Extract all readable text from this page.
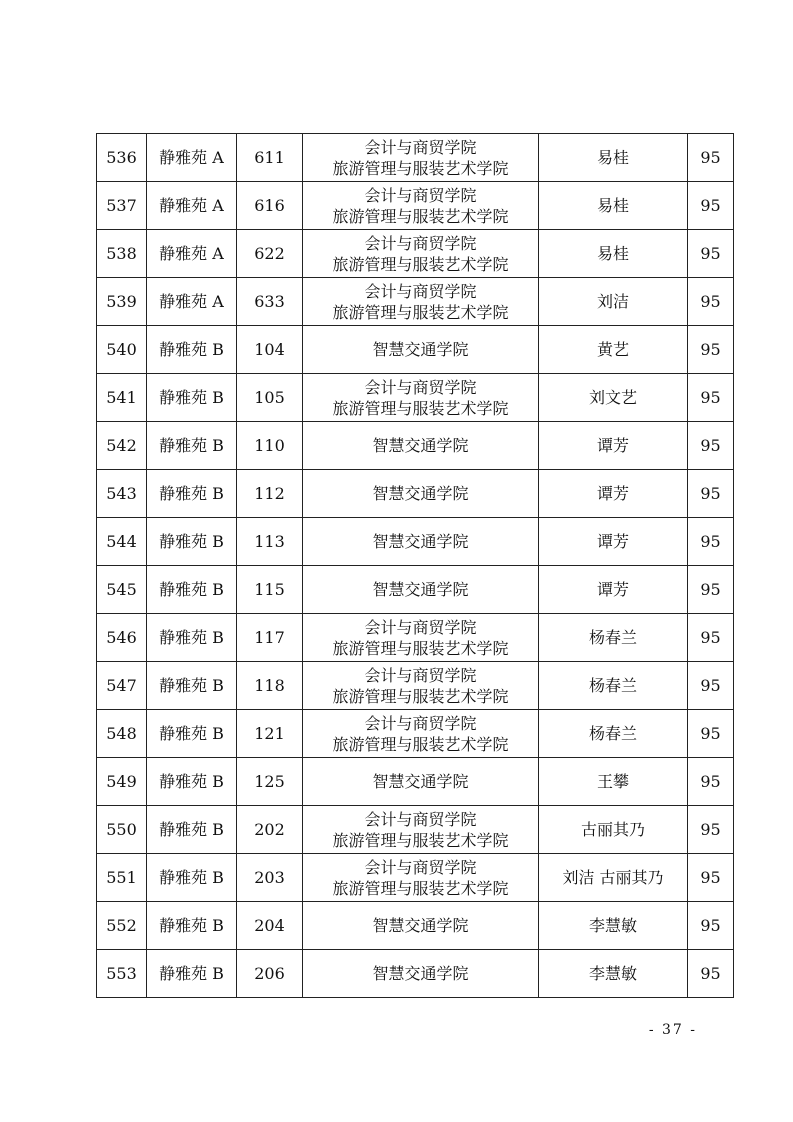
536	静雅苑 A	611	会计与商贸学院
旅游管理与服装艺术学院	易桂	95
537	静雅苑 A	616	会计与商贸学院
旅游管理与服装艺术学院	易桂	95
538	静雅苑 A	622	会计与商贸学院
旅游管理与服装艺术学院	易桂	95
539	静雅苑 A	633	会计与商贸学院
旅游管理与服装艺术学院	刘洁	95
540	静雅苑 B	104	智慧交通学院	黄艺	95
541	静雅苑 B	105	会计与商贸学院
旅游管理与服装艺术学院	刘文艺	95
542	静雅苑 B	110	智慧交通学院	谭芳	95
543	静雅苑 B	112	智慧交通学院	谭芳	95
544	静雅苑 B	113	智慧交通学院	谭芳	95
545	静雅苑 B	115	智慧交通学院	谭芳	95
546	静雅苑 B	117	会计与商贸学院
旅游管理与服装艺术学院	杨春兰	95
547	静雅苑 B	118	会计与商贸学院
旅游管理与服装艺术学院	杨春兰	95
548	静雅苑 B	121	会计与商贸学院
旅游管理与服装艺术学院	杨春兰	95
549	静雅苑 B	125	智慧交通学院	王攀	95
550	静雅苑 B	202	会计与商贸学院
旅游管理与服装艺术学院	古丽其乃	95
551	静雅苑 B	203	会计与商贸学院
旅游管理与服装艺术学院	刘洁 古丽其乃	95
552	静雅苑 B	204	智慧交通学院	李慧敏	95
553	静雅苑 B	206	智慧交通学院	李慧敏	95
- 37 -
